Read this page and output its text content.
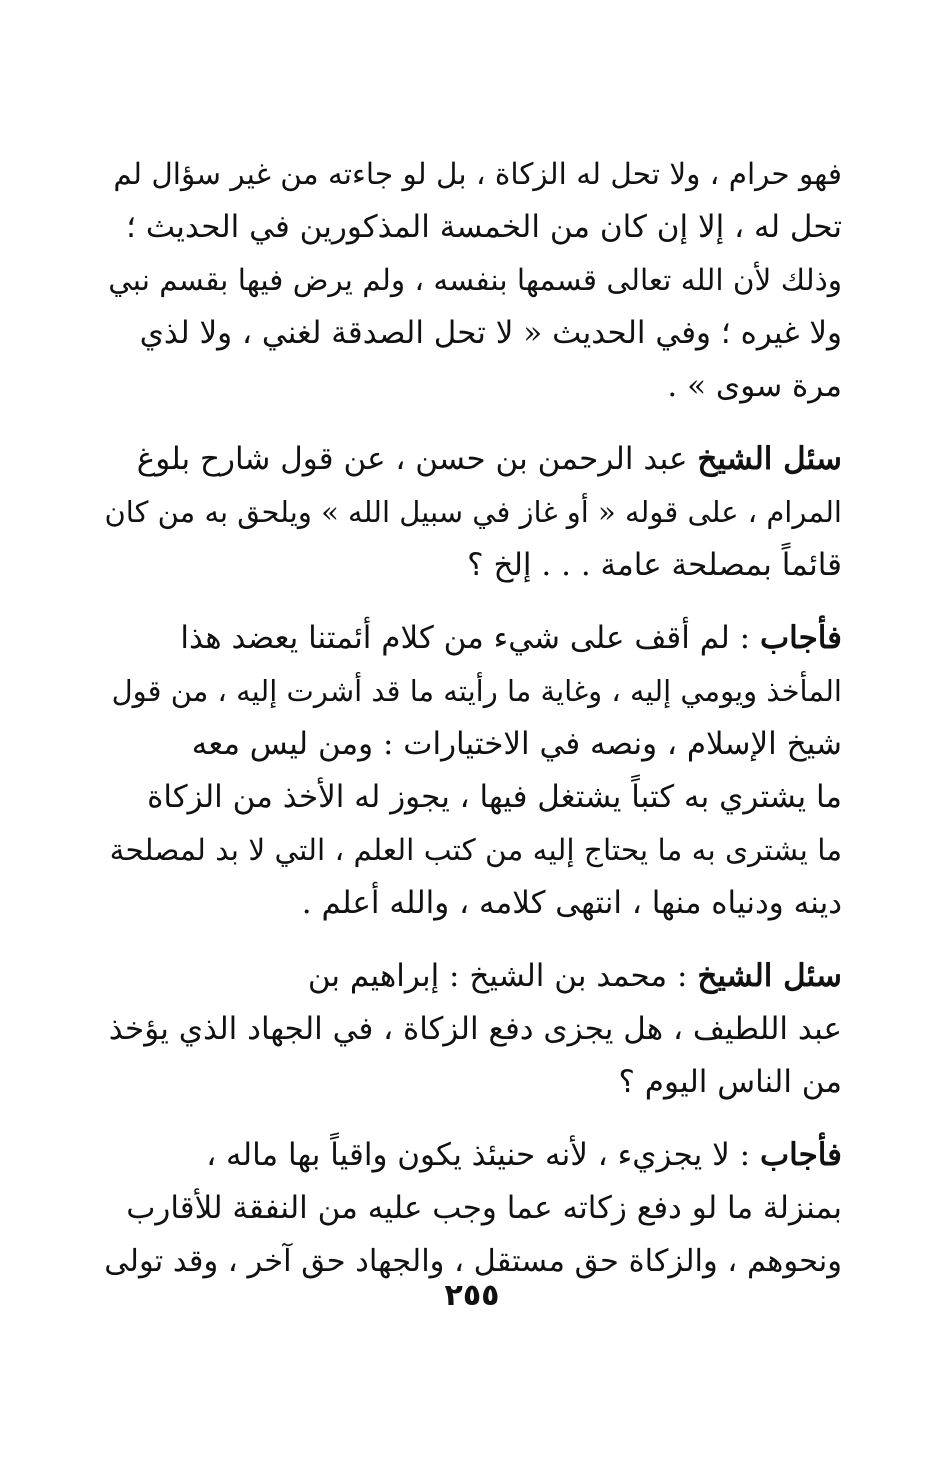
فهو حرام ، ولا تحل له الزكاة ، بل لو جاءته من غير سؤال لم
تحل له ، إلا إن كان من الخمسة المذكورين في الحديث ؛
وذلك لأن الله تعالى قسمها بنفسه ، ولم يرض فيها بقسم نبي
ولا غيره ؛ وفي الحديث « لا تحل الصدقة لغني ، ولا لذي
مرة سوى » .

سئل الشيخ عبد الرحمن بن حسن ، عن قول شارح بلوغ
المرام ، على قوله « أو غاز في سبيل الله » ويلحق به من كان
قائماً بمصلحة عامة . . . إلخ ؟

فأجاب : لم أقف على شيء من كلام أئمتنا يعضد هذا
المأخذ ويومي إليه ، وغاية ما رأيته ما قد أشرت إليه ، من قول
شيخ الإسلام ، ونصه في الاختيارات : ومن ليس معه
ما يشتري به كتباً يشتغل فيها ، يجوز له الأخذ من الزكاة
ما يشترى به ما يحتاج إليه من كتب العلم ، التي لا بد لمصلحة
دينه ودنياه منها ، انتهى كلامه ، والله أعلم .

سئل الشيخ : محمد بن الشيخ : إبراهيم بن
عبد اللطيف ، هل يجزى دفع الزكاة ، في الجهاد الذي يؤخذ
من الناس اليوم ؟

فأجاب : لا يجزيء ، لأنه حنيئذ يكون واقياً بها ماله ،
بمنزلة ما لو دفع زكاته عما وجب عليه من النفقة للأقارب
ونحوهم ، والزكاة حق مستقل ، والجهاد حق آخر ، وقد تولى

٢٥٥
